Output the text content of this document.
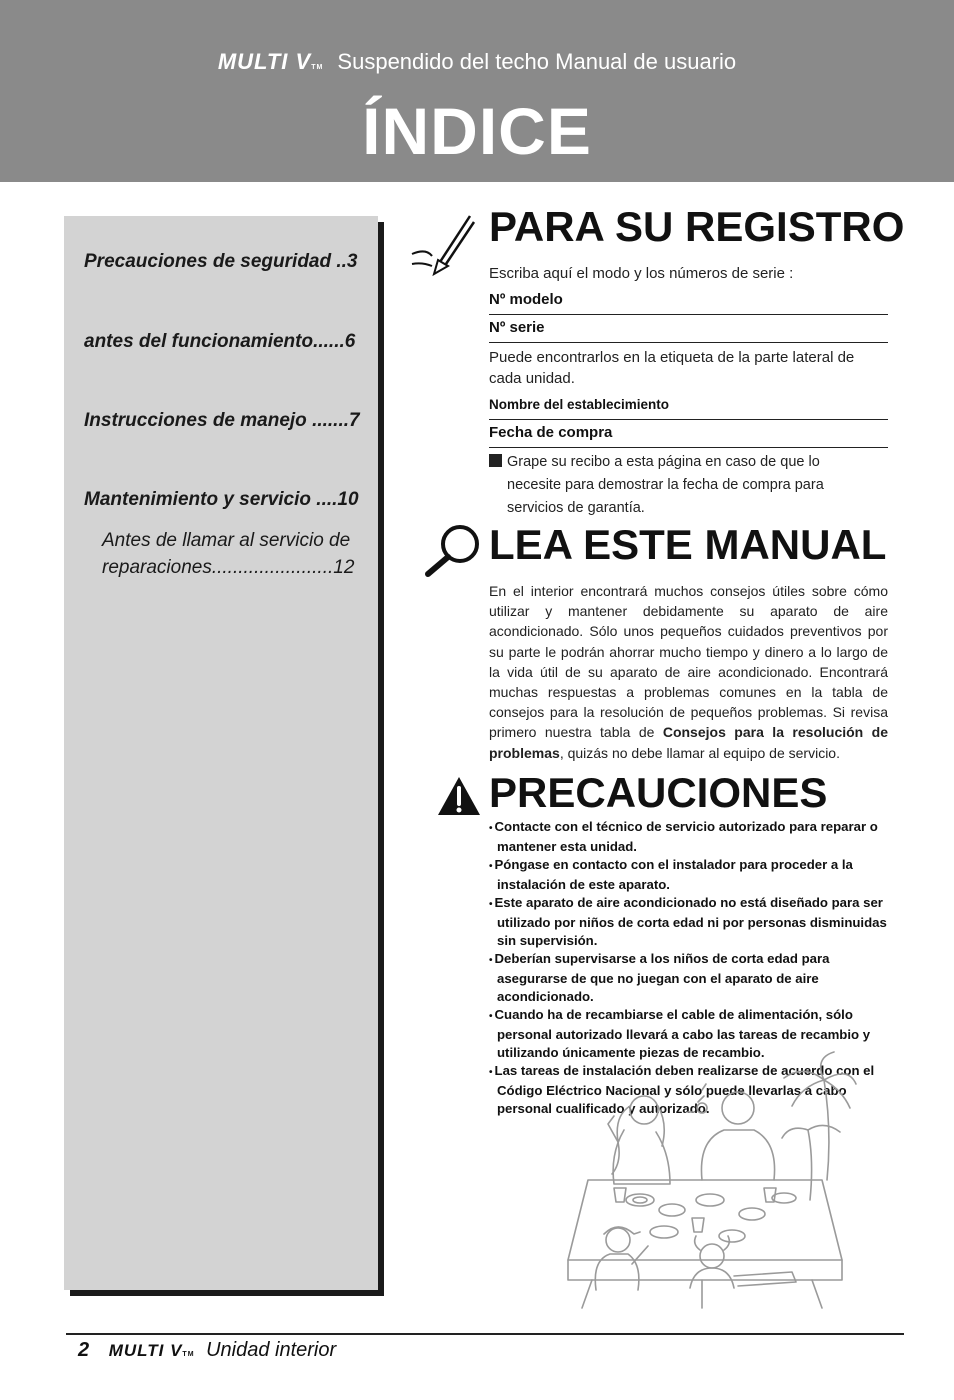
MULTI VTM Suspendido del techo Manual de usuario
ÍNDICE
Precauciones de seguridad ..3
antes del funcionamiento......6
Instrucciones de manejo .......7
Mantenimiento y servicio ....10
Antes de llamar al servicio de reparaciones.......................12
PARA SU REGISTRO
Escriba aquí el modo y los números de serie :
Nº modelo
Nº serie
Puede encontrarlos en la etiqueta de la parte lateral de cada unidad.
Nombre del establecimiento
Fecha de compra
Grape su recibo a esta página en caso de que lo
necesite para demostrar la fecha de compra para
servicios de garantía.
LEA ESTE MANUAL
En el interior encontrará muchos consejos útiles sobre cómo utilizar y mantener debidamente su aparato de aire acondicionado. Sólo unos pequeños cuidados preventivos por su parte le podrán ahorrar mucho tiempo y dinero a lo largo de la vida útil de su aparato de aire acondicionado. Encontrará muchas respuestas a problemas comunes en la tabla de consejos para la resolución de pequeños problemas. Si revisa primero nuestra tabla de Consejos para la resolución de problemas, quizás no debe llamar al equipo de servicio.
PRECAUCIONES
• Contacte con el técnico de servicio autorizado para reparar o mantener esta unidad.
• Póngase en contacto con el instalador para proceder a la instalación de este aparato.
• Este aparato de aire acondicionado no está diseñado para ser utilizado por niños de corta edad ni por personas disminuidas sin supervisión.
• Deberían supervisarse a los niños de corta edad para asegurarse de que no juegan con el aparato de aire acondicionado.
• Cuando ha de recambiarse el cable de alimentación, sólo personal autorizado llevará a cabo las tareas de recambio y utilizando únicamente piezas de recambio.
• Las tareas de instalación deben realizarse de acuerdo con el Código Eléctrico Nacional y sólo puede llevarlas a cabo personal cualificado y autorizado.
2 MULTI VTM Unidad interior
